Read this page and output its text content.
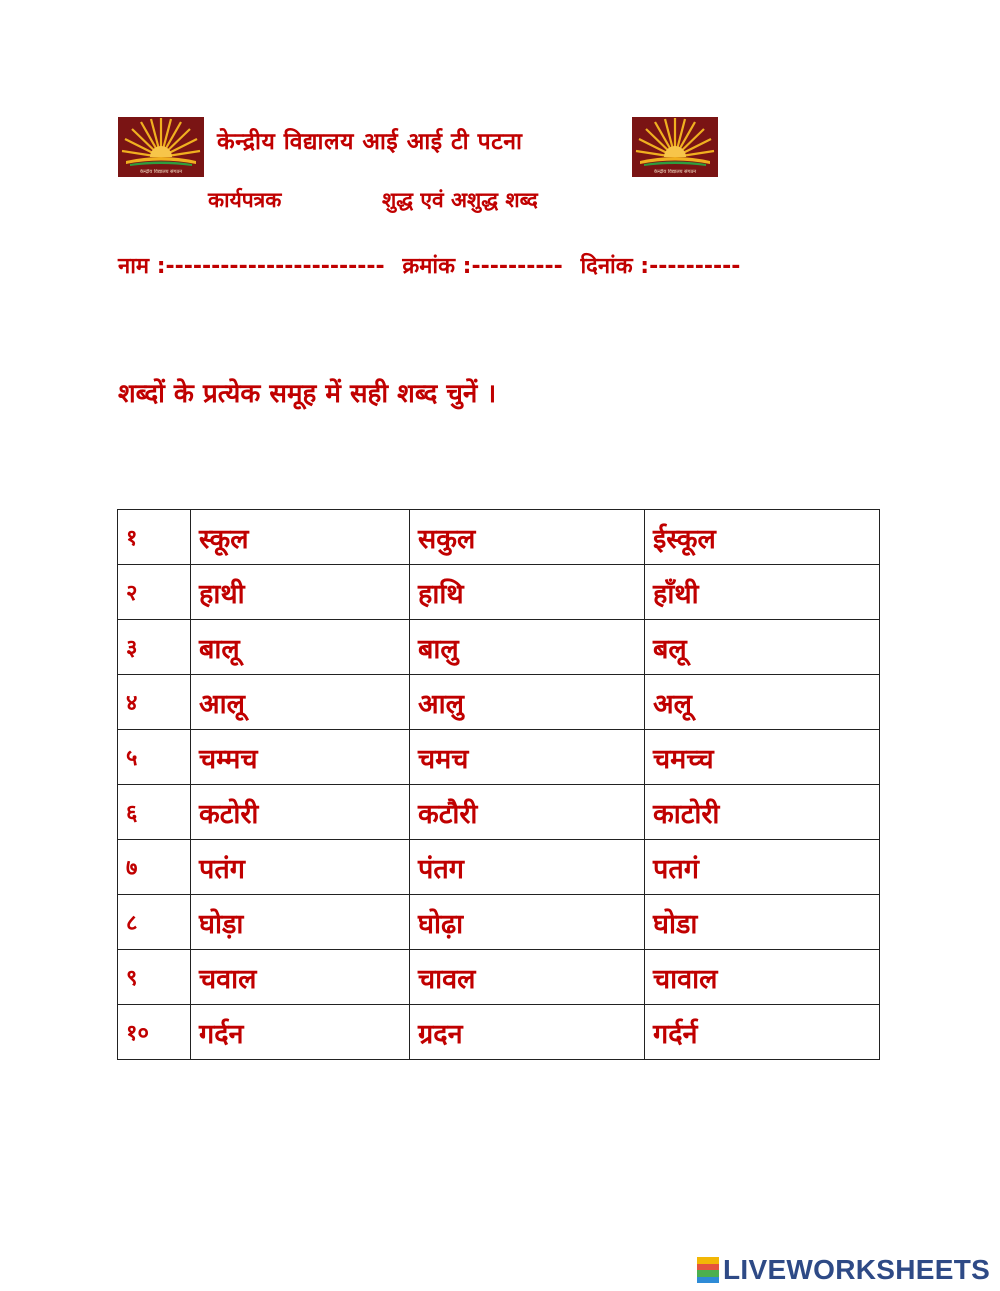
केन्द्रीय विद्यालय संगठन
केन्द्रीय विद्यालय आई आई टी पटना
केन्द्रीय विद्यालय संगठन
कार्यपत्रक	शुद्ध एवं अशुद्ध शब्द
नाम :------------------------ क्रमांक :---------- दिनांक :----------
शब्दों के प्रत्येक समूह में सही शब्द चुनें ।
१	स्कूल	सकुल	ईस्कूल
२	हाथी	हाथि	हाँथी
३	बालू	बालु	बलू
४	आलू	आलु	अलू
५	चम्मच	चमच	चमच्च
६	कटोरी	कटौरी	काटोरी
७	पतंग	पंतग	पतगं
८	घोड़ा	घोढ़ा	घोडा
९	चवाल	चावल	चावाल
१०	गर्दन	ग्रदन	गर्दर्न
LIVEWORKSHEETS
